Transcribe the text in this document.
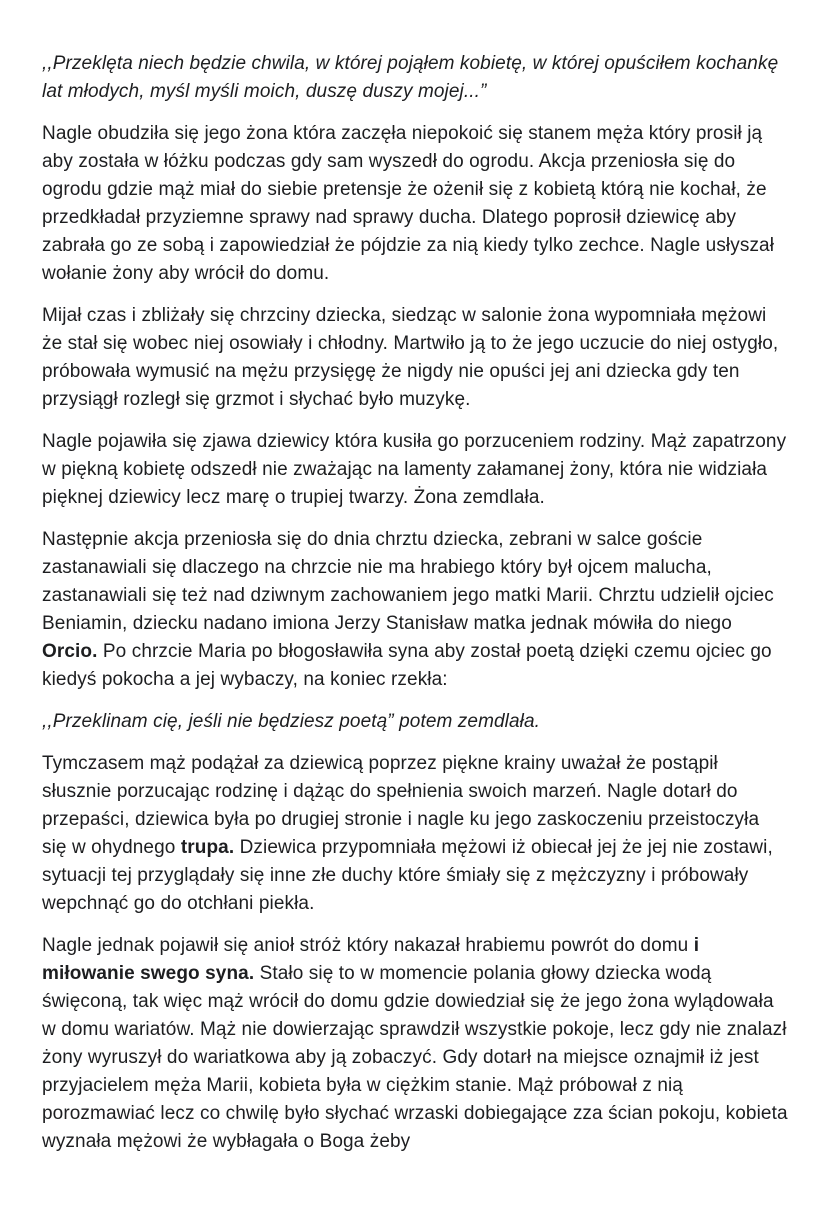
,,Przeklęta niech będzie chwila, w której pojąłem kobietę, w której opuściłem kochankę lat młodych, myśl myśli moich, duszę duszy mojej...”

Nagle obudziła się jego żona która zaczęła niepokoić się stanem męża który prosił ją aby została w łóżku podczas gdy sam wyszedł do ogrodu. Akcja przeniosła się do ogrodu gdzie mąż miał do siebie pretensje że ożenił się z kobietą którą nie kochał, że przedkładał przyziemne sprawy nad sprawy ducha. Dlatego poprosił dziewicę aby zabrała go ze sobą i zapowiedział że pójdzie za nią kiedy tylko zechce. Nagle usłyszał wołanie żony aby wrócił do domu.

Mijał czas i zbliżały się chrzciny dziecka, siedząc w salonie żona wypomniała mężowi że stał się wobec niej osowiały i chłodny. Martwiło ją to że jego uczucie do niej ostygło, próbowała wymusić na mężu przysięgę że nigdy nie opuści jej ani dziecka gdy ten przysiągł rozległ się grzmot i słychać było muzykę.

Nagle pojawiła się zjawa dziewicy która kusiła go porzuceniem rodziny. Mąż zapatrzony w piękną kobietę odszedł nie zważając na lamenty załamanej żony, która nie widziała pięknej dziewicy lecz marę o trupiej twarzy. Żona zemdlała.

Następnie akcja przeniosła się do dnia chrztu dziecka, zebrani w salce goście zastanawiali się dlaczego na chrzcie nie ma hrabiego który był ojcem malucha, zastanawiali się też nad dziwnym zachowaniem jego matki Marii. Chrztu udzielił ojciec Beniamin, dziecku nadano imiona Jerzy Stanisław matka jednak mówiła do niego Orcio. Po chrzcie Maria po błogosławiła syna aby został poetą dzięki czemu ojciec go kiedyś pokocha a jej wybaczy, na koniec rzekła:

,,Przeklinam cię, jeśli nie będziesz poetą” potem zemdlała.

Tymczasem mąż podążał za dziewicą poprzez piękne krainy uważał że postąpił słusznie porzucając rodzinę i dążąc do spełnienia swoich marzeń. Nagle dotarł do przepaści, dziewica była po drugiej stronie i nagle ku jego zaskoczeniu przeistoczyła się w ohydnego trupa. Dziewica przypomniała mężowi iż obiecał jej że jej nie zostawi, sytuacji tej przyglądały się inne złe duchy które śmiały się z mężczyzny i próbowały wepchnąć go do otchłani piekła.

Nagle jednak pojawił się anioł stróż który nakazał hrabiemu powrót do domu i miłowanie swego syna. Stało się to w momencie polania głowy dziecka wodą święconą, tak więc mąż wrócił do domu gdzie dowiedział się że jego żona wylądowała w domu wariatów. Mąż nie dowierzając sprawdził wszystkie pokoje, lecz gdy nie znalazł żony wyruszył do wariatkowa aby ją zobaczyć. Gdy dotarł na miejsce oznajmił iż jest przyjacielem męża Marii, kobieta była w ciężkim stanie. Mąż próbował z nią porozmawiać lecz co chwilę było słychać wrzaski dobiegające zza ścian pokoju, kobieta wyznała mężowi że wybłagała o Boga żeby
